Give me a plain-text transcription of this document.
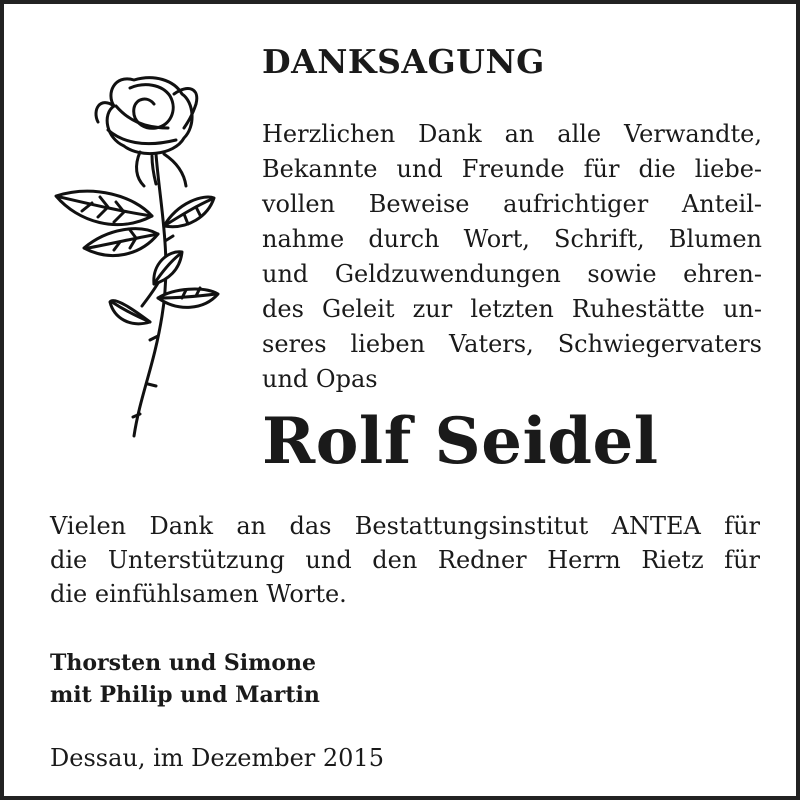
DANKSAGUNG

Herzlichen Dank an alle Verwandte,
Bekannte und Freunde für die liebe-
vollen Beweise aufrichtiger Anteil-
nahme durch Wort, Schrift, Blumen
und Geldzuwendungen sowie ehren-
des Geleit zur letzten Ruhestätte un-
seres lieben Vaters, Schwiegervaters
und Opas

Rolf Seidel

Vielen Dank an das Bestattungsinstitut ANTEA für
die Unterstützung und den Redner Herrn Rietz für
die einfühlsamen Worte.

Thorsten und Simone
mit Philip und Martin
Dessau, im Dezember 2015
